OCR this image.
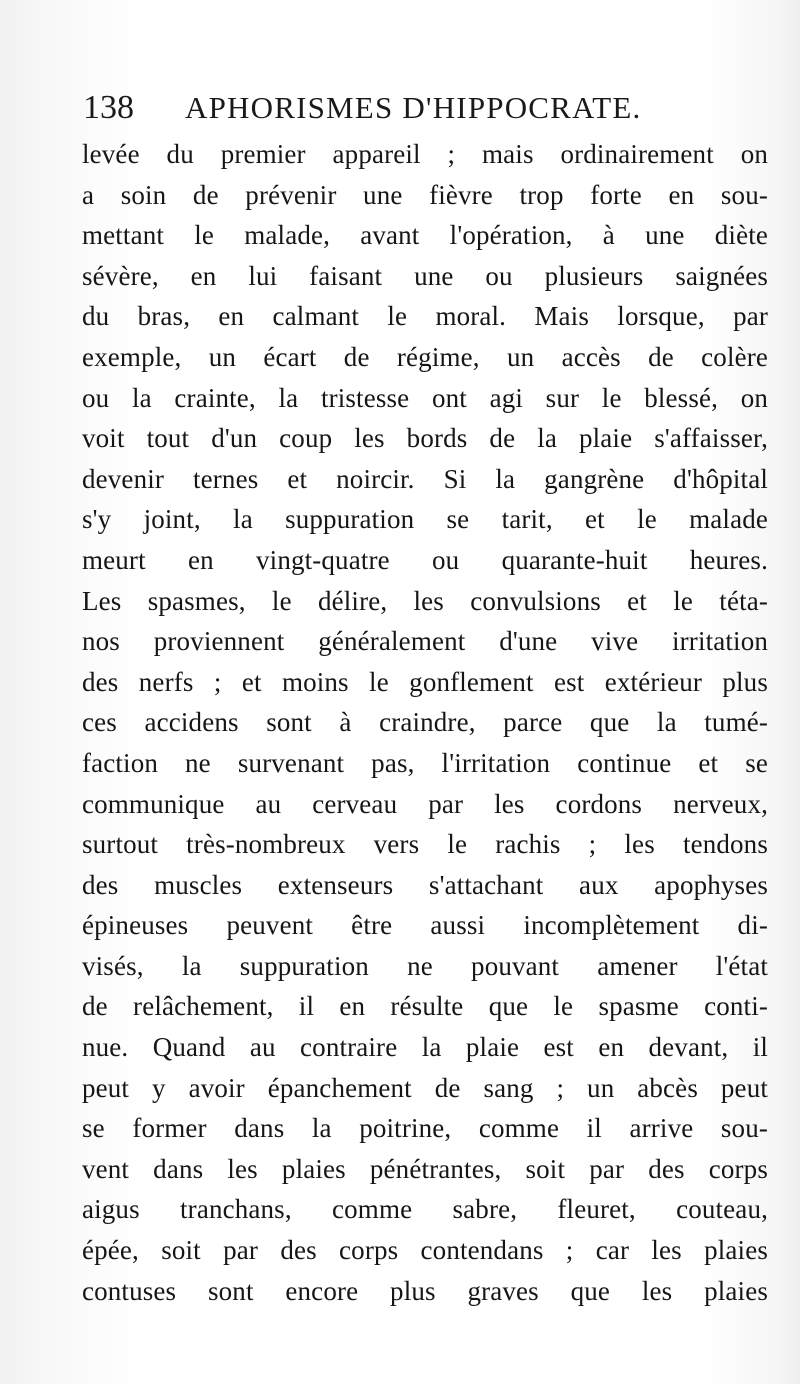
138 APHORISMES D'HIPPOCRATE.
levée du premier appareil ; mais ordinairement on
a soin de prévenir une fièvre trop forte en sou-
mettant le malade, avant l'opération, à une diète
sévère, en lui faisant une ou plusieurs saignées
du bras, en calmant le moral. Mais lorsque, par
exemple, un écart de régime, un accès de colère
ou la crainte, la tristesse ont agi sur le blessé, on
voit tout d'un coup les bords de la plaie s'affaisser,
devenir ternes et noircir. Si la gangrène d'hôpital
s'y joint, la suppuration se tarit, et le malade
meurt en vingt-quatre ou quarante-huit heures.
Les spasmes, le délire, les convulsions et le téta-
nos proviennent généralement d'une vive irritation
des nerfs ; et moins le gonflement est extérieur plus
ces accidens sont à craindre, parce que la tumé-
faction ne survenant pas, l'irritation continue et se
communique au cerveau par les cordons nerveux,
surtout très-nombreux vers le rachis ; les tendons
des muscles extenseurs s'attachant aux apophyses
épineuses peuvent être aussi incomplètement di-
visés, la suppuration ne pouvant amener l'état
de relâchement, il en résulte que le spasme conti-
nue. Quand au contraire la plaie est en devant, il
peut y avoir épanchement de sang ; un abcès peut
se former dans la poitrine, comme il arrive sou-
vent dans les plaies pénétrantes, soit par des corps
aigus tranchans, comme sabre, fleuret, couteau,
épée, soit par des corps contendans ; car les plaies
contuses sont encore plus graves que les plaies
